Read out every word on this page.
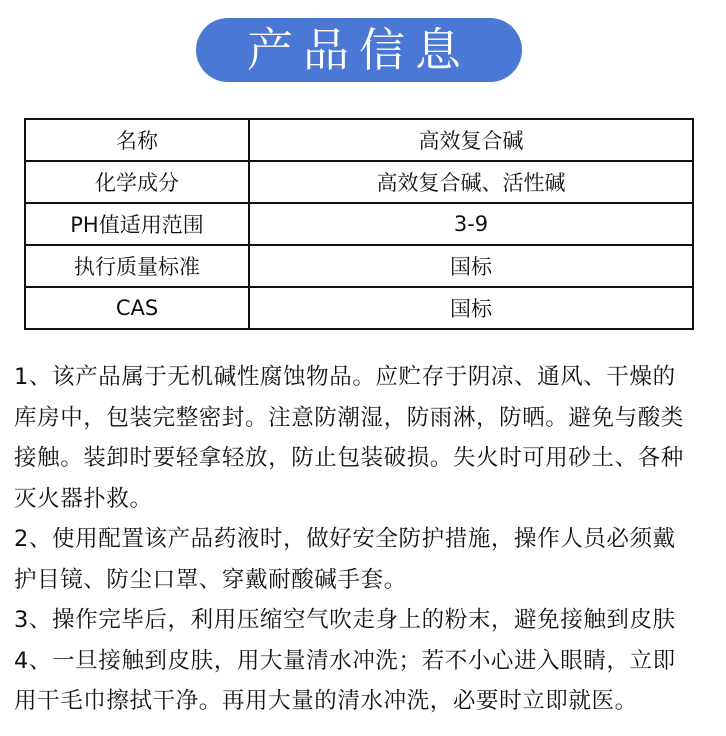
产品信息
名称	高效复合碱
化学成分	高效复合碱、活性碱
PH值适用范围	3-9
执行质量标准	国标
CAS	国标
1、该产品属于无机碱性腐蚀物品。应贮存于阴凉、通风、干燥的
库房中，包装完整密封。注意防潮湿，防雨淋，防晒。避免与酸类
接触。装卸时要轻拿轻放，防止包装破损。失火时可用砂土、各种
灭火器扑救。
2、使用配置该产品药液时，做好安全防护措施，操作人员必须戴
护目镜、防尘口罩、穿戴耐酸碱手套。
3、操作完毕后，利用压缩空气吹走身上的粉末，避免接触到皮肤
4、一旦接触到皮肤，用大量清水冲洗；若不小心进入眼睛，立即
用干毛巾擦拭干净。再用大量的清水冲洗，必要时立即就医。
